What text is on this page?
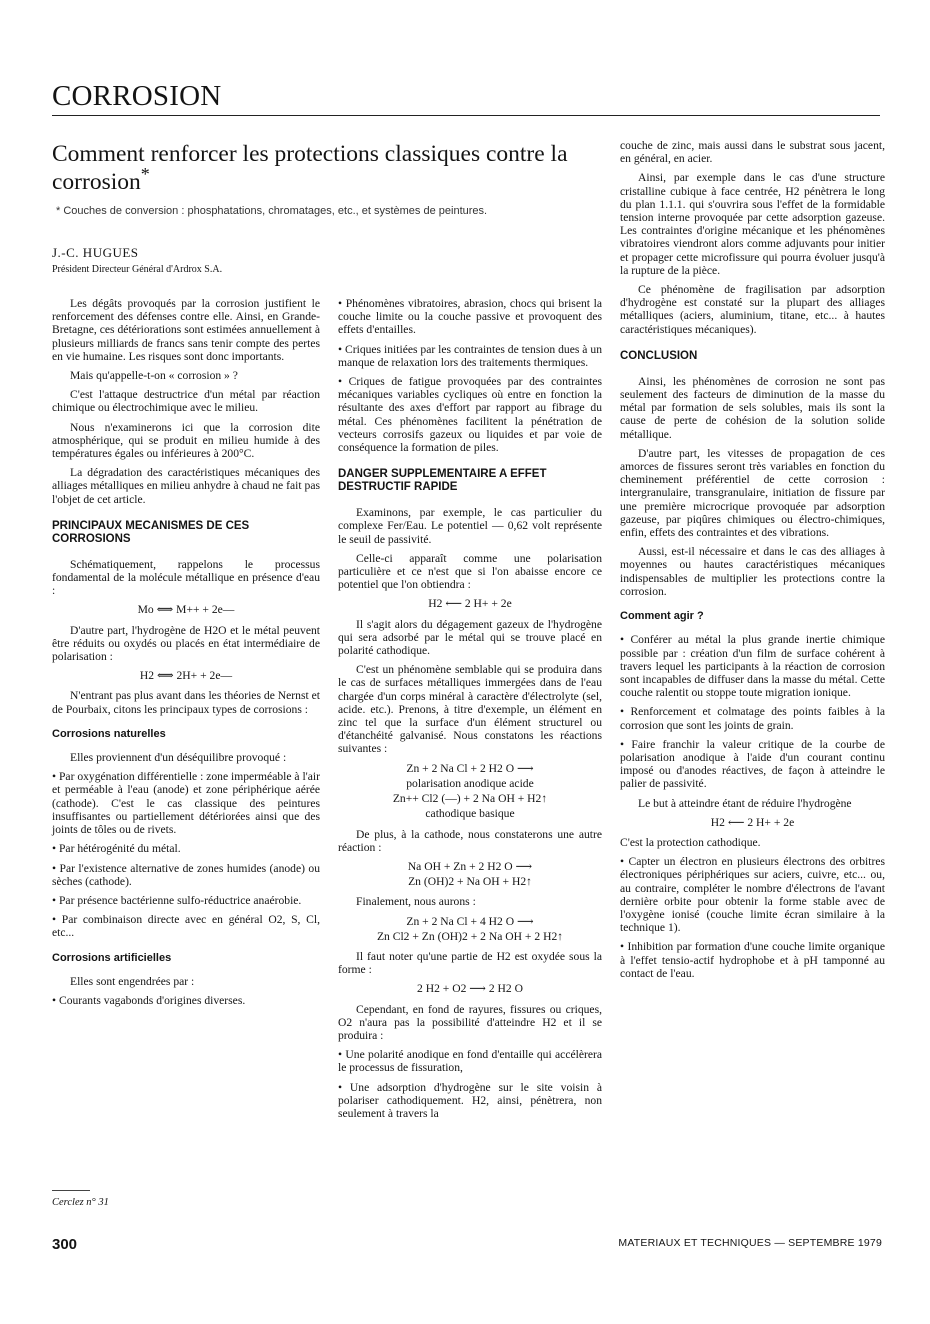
CORROSION
Comment renforcer les protections classiques contre la corrosion*

* Couches de conversion : phosphatations, chromatages, etc., et systèmes de peintures.

J.-C. HUGUES

Président Directeur Général d'Ardrox S.A.

Les dégâts provoqués par la corrosion justifient le renforcement des défenses contre elle. Ainsi, en Grande-Bretagne, ces détériorations sont estimées annuellement à plusieurs milliards de francs sans tenir compte des pertes en vie humaine. Les risques sont donc importants.

Mais qu'appelle-t-on « corrosion » ?

C'est l'attaque destructrice d'un métal par réaction chimique ou électrochimique avec le milieu.

Nous n'examinerons ici que la corrosion dite atmosphérique, qui se produit en milieu humide à des températures égales ou inférieures à 200°C.

La dégradation des caractéristiques mécaniques des alliages métalliques en milieu anhydre à chaud ne fait pas l'objet de cet article.

PRINCIPAUX MECANISMES DE CES CORROSIONS

Schématiquement, rappelons le processus fondamental de la molécule métallique en présence d'eau :

Mo ⟺ M++ + 2e—

D'autre part, l'hydrogène de H2O et le métal peuvent être réduits ou oxydés ou placés en état intermédiaire de polarisation :

H2 ⟺ 2H+ + 2e—

N'entrant pas plus avant dans les théories de Nernst et de Pourbaix, citons les principaux types de corrosions :

Corrosions naturelles

Elles proviennent d'un déséquilibre provoqué :

• Par oxygénation différentielle : zone imperméable à l'air et perméable à l'eau (anode) et zone périphérique aérée (cathode). C'est le cas classique des peintures insuffisantes ou partiellement détériorées ainsi que des joints de tôles ou de rivets.

• Par hétérogénité du métal.

• Par l'existence alternative de zones humides (anode) ou sèches (cathode).

• Par présence bactérienne sulfo-réductrice anaérobie.

• Par combinaison directe avec en général O2, S, Cl, etc...

Corrosions artificielles

Elles sont engendrées par :

• Courants vagabonds d'origines diverses.

• Phénomènes vibratoires, abrasion, chocs qui brisent la couche limite ou la couche passive et provoquent des effets d'entailles.

• Criques initiées par les contraintes de tension dues à un manque de relaxation lors des traitements thermiques.

• Criques de fatigue provoquées par des contraintes mécaniques variables cycliques où entre en fonction la résultante des axes d'effort par rapport au fibrage du métal. Ces phénomènes facilitent la pénétration de vecteurs corrosifs gazeux ou liquides et par voie de conséquence la formation de piles.

DANGER SUPPLEMENTAIRE A EFFET DESTRUCTIF RAPIDE

Examinons, par exemple, le cas particulier du complexe Fer/Eau. Le potentiel — 0,62 volt représente le seuil de passivité.

Celle-ci apparaît comme une polarisation particulière et ce n'est que si l'on abaisse encore ce potentiel que l'on obtiendra :

H2 ⟵ 2 H+ + 2e

Il s'agit alors du dégagement gazeux de l'hydrogène qui sera adsorbé par le métal qui se trouve placé en polarité cathodique.

C'est un phénomène semblable qui se produira dans le cas de surfaces métalliques immergées dans de l'eau chargée d'un corps minéral à caractère d'électrolyte (sel, acide. etc.). Prenons, à titre d'exemple, un élément en zinc tel que la surface d'un élément structurel ou d'étanchéité galvanisé. Nous constatons les réactions suivantes :

Zn + 2 Na Cl + 2 H2 O ⟶

polarisation anodique acide

Zn++ Cl2 (—) + 2 Na OH + H2↑

cathodique basique

De plus, à la cathode, nous constaterons une autre réaction :

Na OH + Zn + 2 H2 O ⟶

Zn (OH)2 + Na OH + H2↑

Finalement, nous aurons :

Zn + 2 Na Cl + 4 H2 O ⟶

Zn Cl2 + Zn (OH)2 + 2 Na OH + 2 H2↑

Il faut noter qu'une partie de H2 est oxydée sous la forme :

2 H2 + O2 ⟶ 2 H2 O

Cependant, en fond de rayures, fissures ou criques, O2 n'aura pas la possibilité d'atteindre H2 et il se produira :

• Une polarité anodique en fond d'entaille qui accélèrera le processus de fissuration,

• Une adsorption d'hydrogène sur le site voisin à polariser cathodiquement. H2, ainsi, pénètrera, non seulement à travers la

couche de zinc, mais aussi dans le substrat sous jacent, en général, en acier.

Ainsi, par exemple dans le cas d'une structure cristalline cubique à face centrée, H2 pénètrera le long du plan 1.1.1. qui s'ouvrira sous l'effet de la formidable tension interne provoquée par cette adsorption gazeuse. Les contraintes d'origine mécanique et les phénomènes vibratoires viendront alors comme adjuvants pour initier et propager cette microfissure qui pourra évoluer jusqu'à la rupture de la pièce.

Ce phénomène de fragilisation par adsorption d'hydrogène est constaté sur la plupart des alliages métalliques (aciers, aluminium, titane, etc... à hautes caractéristiques mécaniques).

CONCLUSION

Ainsi, les phénomènes de corrosion ne sont pas seulement des facteurs de diminution de la masse du métal par formation de sels solubles, mais ils sont la cause de perte de cohésion de la solution solide métallique.

D'autre part, les vitesses de propagation de ces amorces de fissures seront très variables en fonction du cheminement préférentiel de cette corrosion : intergranulaire, transgranulaire, initiation de fissure par une première microcrique provoquée par adsorption gazeuse, par piqûres chimiques ou électro-chimiques, enfin, effets des contraintes et des vibrations.

Aussi, est-il nécessaire et dans le cas des alliages à moyennes ou hautes caractéristiques mécaniques indispensables de multiplier les protections contre la corrosion.

Comment agir ?

• Conférer au métal la plus grande inertie chimique possible par : création d'un film de surface cohérent à travers lequel les participants à la réaction de corrosion sont incapables de diffuser dans la masse du métal. Cette couche ralentit ou stoppe toute migration ionique.

• Renforcement et colmatage des points faibles à la corrosion que sont les joints de grain.

• Faire franchir la valeur critique de la courbe de polarisation anodique à l'aide d'un courant continu imposé ou d'anodes réactives, de façon à atteindre le palier de passivité.

Le but à atteindre étant de réduire l'hydrogène

H2 ⟵ 2 H+ + 2e

C'est la protection cathodique.

• Capter un électron en plusieurs électrons des orbitres électroniques périphériques sur aciers, cuivre, etc... ou, au contraire, compléter le nombre d'électrons de l'avant dernière orbite pour obtenir la forme stable avec de l'oxygène ionisé (couche limite écran similaire à la technique 1).

• Inhibition par formation d'une couche limite organique à l'effet tensio-actif hydrophobe et à pH tamponné au contact de l'eau.

Cerclez n° 31

300	MATERIAUX ET TECHNIQUES — SEPTEMBRE 1979
